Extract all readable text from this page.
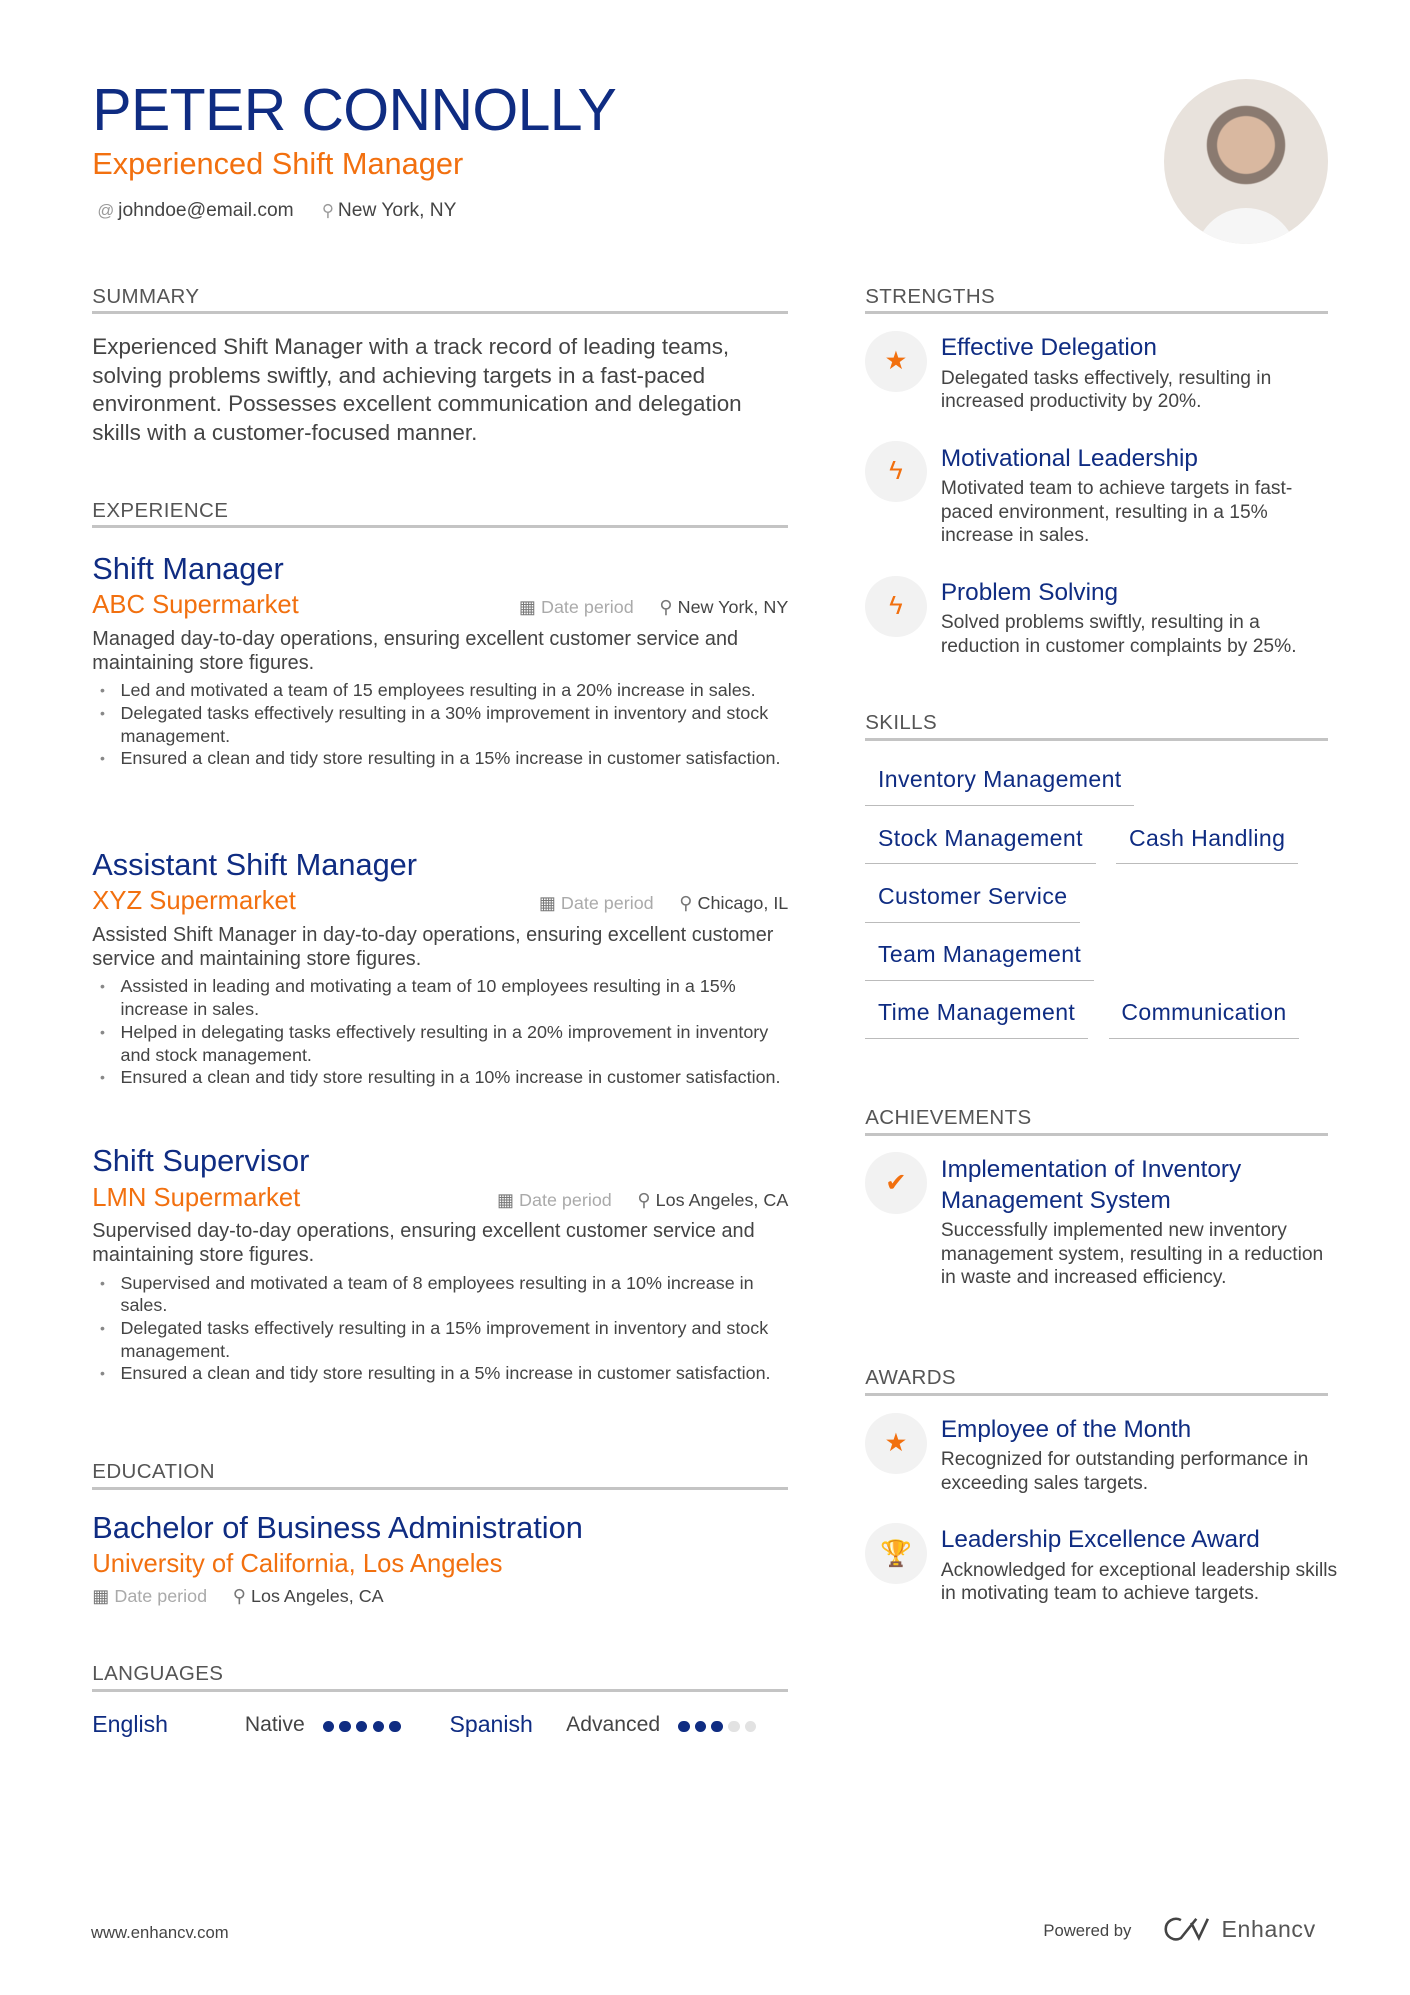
PETER CONNOLLY
Experienced Shift Manager
@ johndoe@email.com ⚲ New York, NY
SUMMARY
Experienced Shift Manager with a track record of leading teams, solving problems swiftly, and achieving targets in a fast-paced environment. Possesses excellent communication and delegation skills with a customer-focused manner.
EXPERIENCE
Shift Manager
ABC Supermarket	▦ Date period ⚲ New York, NY
Managed day-to-day operations, ensuring excellent customer service and maintaining store figures.
• Led and motivated a team of 15 employees resulting in a 20% increase in sales.
• Delegated tasks effectively resulting in a 30% improvement in inventory and stock management.
• Ensured a clean and tidy store resulting in a 15% increase in customer satisfaction.
Assistant Shift Manager
XYZ Supermarket	▦ Date period ⚲ Chicago, IL
Assisted Shift Manager in day-to-day operations, ensuring excellent customer service and maintaining store figures.
• Assisted in leading and motivating a team of 10 employees resulting in a 15% increase in sales.
• Helped in delegating tasks effectively resulting in a 20% improvement in inventory and stock management.
• Ensured a clean and tidy store resulting in a 10% increase in customer satisfaction.
Shift Supervisor
LMN Supermarket	▦ Date period ⚲ Los Angeles, CA
Supervised day-to-day operations, ensuring excellent customer service and maintaining store figures.
• Supervised and motivated a team of 8 employees resulting in a 10% increase in sales.
• Delegated tasks effectively resulting in a 15% improvement in inventory and stock management.
• Ensured a clean and tidy store resulting in a 5% increase in customer satisfaction.
EDUCATION
Bachelor of Business Administration
University of California, Los Angeles
▦ Date period ⚲ Los Angeles, CA
LANGUAGES
English	Native	Spanish	Advanced
STRENGTHS
★	Effective Delegation
Delegated tasks effectively, resulting in increased productivity by 20%.
ϟ	Motivational Leadership
Motivated team to achieve targets in fast-paced environment, resulting in a 15% increase in sales.
ϟ	Problem Solving
Solved problems swiftly, resulting in a reduction in customer complaints by 25%.
SKILLS
Inventory Management
Stock Management	Cash Handling
Customer Service
Team Management
Time Management	Communication
ACHIEVEMENTS
✔	Implementation of Inventory Management System
Successfully implemented new inventory management system, resulting in a reduction in waste and increased efficiency.
AWARDS
★	Employee of the Month
Recognized for outstanding performance in exceeding sales targets.
🏆	Leadership Excellence Award
Acknowledged for exceptional leadership skills in motivating team to achieve targets.
www.enhancv.com	Powered by	Enhancv
